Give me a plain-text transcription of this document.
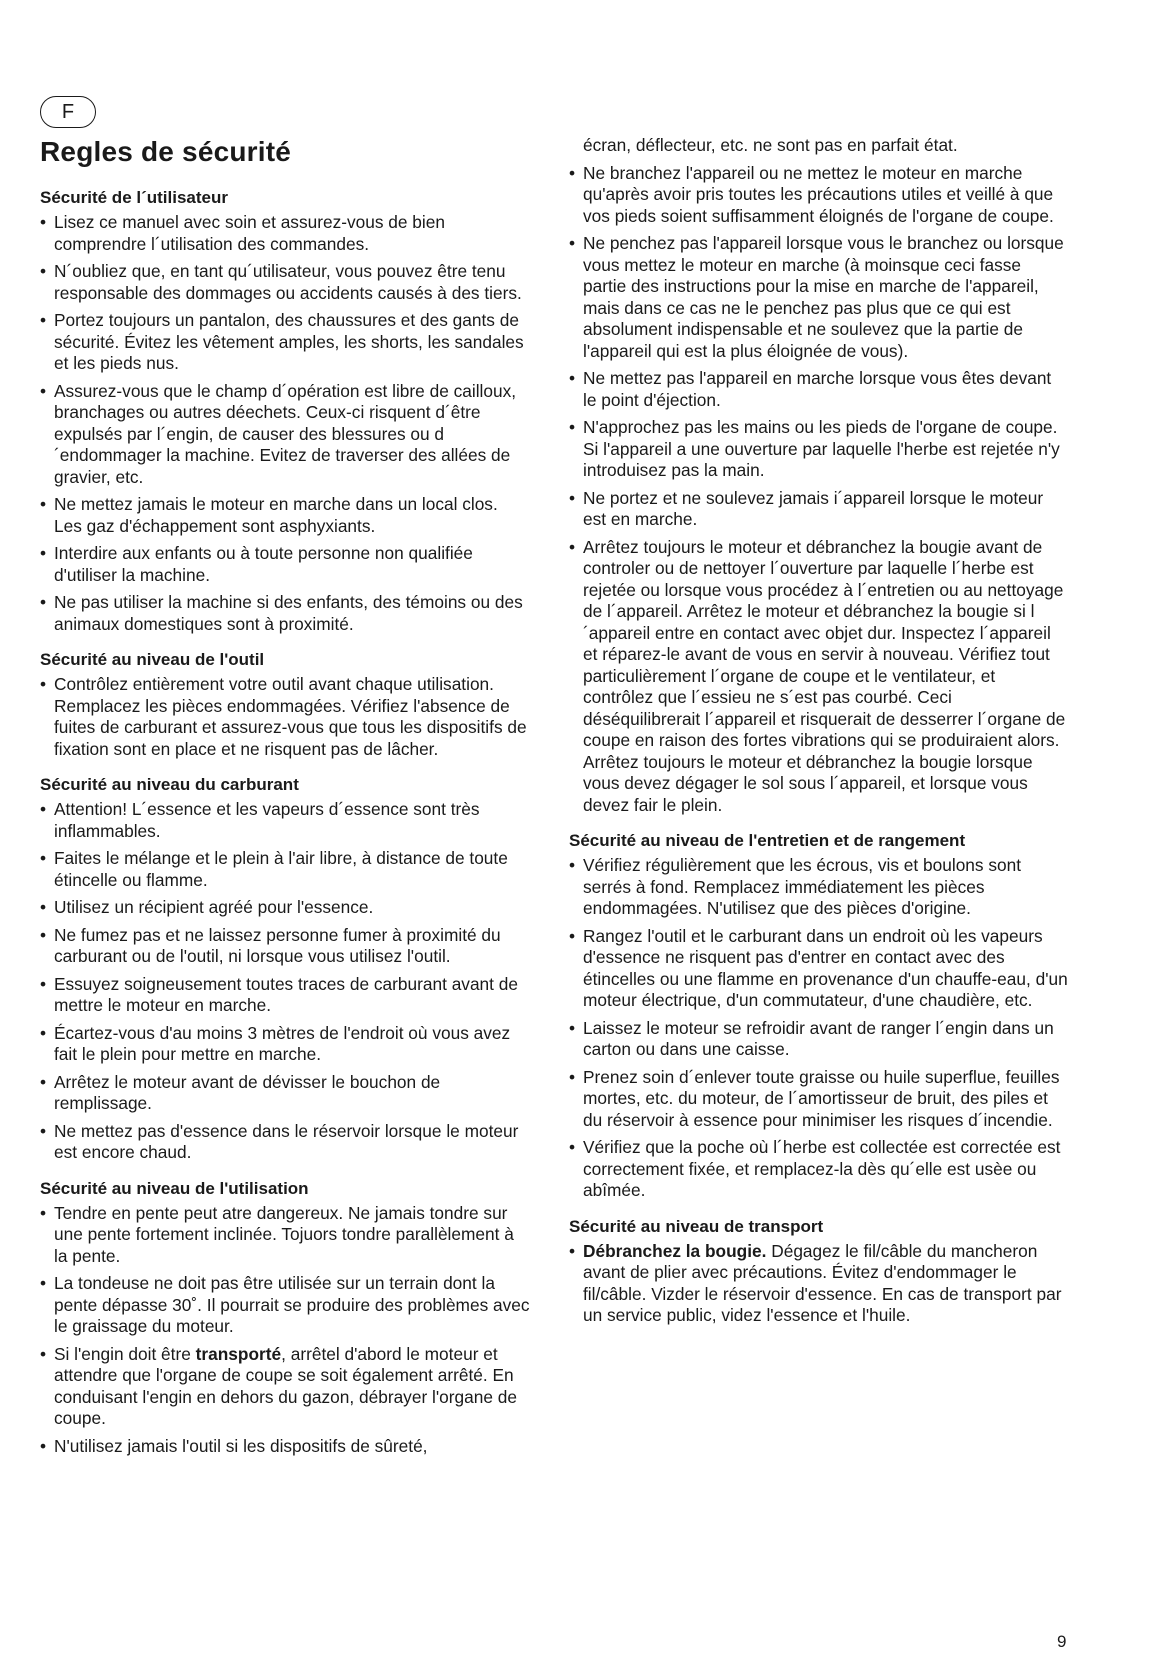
F
Regles de sécurité
Sécurité de l´utilisateur
• Lisez ce manuel avec soin et assurez-vous de bien comprendre l´utilisation des commandes.
• N´oubliez que, en tant qu´utilisateur, vous pouvez être tenu responsable des dommages ou accidents causés à des tiers.
• Portez toujours un pantalon, des chaussures et des gants de sécurité. Évitez les vêtement amples, les shorts, les sandales et les pieds nus.
• Assurez-vous que le champ d´opération est libre de cailloux, branchages ou autres déechets. Ceux-ci risquent d´être expulsés par l´engin, de causer des blessures ou d´endommager la machine. Evitez de traverser des allées de gravier, etc.
• Ne mettez jamais le moteur en marche dans un local clos. Les gaz d'échappement sont asphyxiants.
• Interdire aux enfants ou à toute personne non qualifiée d'utiliser la machine.
• Ne pas utiliser la machine si des enfants, des témoins ou des animaux domestiques sont à proximité.
Sécurité au niveau de l'outil
• Contrôlez entièrement votre outil avant chaque utilisation. Remplacez les pièces endommagées. Vérifiez l'absence de fuites de carburant et assurez-vous que tous les dispositifs de fixation sont en place et ne risquent pas de lâcher.
Sécurité au niveau du carburant
• Attention! L´essence et les vapeurs d´essence sont très inflammables.
• Faites le mélange et le plein à l'air libre, à distance de toute étincelle ou flamme.
• Utilisez un récipient agréé pour l'essence.
• Ne fumez pas et ne laissez personne fumer à proximité du carburant ou de l'outil, ni lorsque vous utilisez l'outil.
• Essuyez soigneusement toutes traces de carburant avant de mettre le moteur en marche.
• Écartez-vous d'au moins 3 mètres de l'endroit où vous avez fait le plein pour mettre en marche.
• Arrêtez le moteur avant de dévisser le bouchon de remplissage.
• Ne mettez pas d'essence dans le réservoir lorsque le moteur est encore chaud.
Sécurité au niveau de l'utilisation
• Tendre en pente peut atre dangereux. Ne jamais tondre sur une pente fortement inclinée. Tojuors tondre parallèlement à la pente.
• La tondeuse ne doit pas être utilisée sur un terrain dont la pente dépasse 30˚. Il pourrait se produire des problèmes avec le graissage du moteur.
• Si l'engin doit être transporté, arrêtel d'abord le moteur et attendre que l'organe de coupe se soit également arrêté. En conduisant l'engin en dehors du gazon, débrayer l'organe de coupe.
• N'utilisez jamais l'outil si les dispositifs de sûreté,

écran, déflecteur, etc. ne sont pas en parfait état.

• Ne branchez l'appareil ou ne mettez le moteur en marche qu'après avoir pris toutes les précautions utiles et veillé à que vos pieds soient suffisamment éloignés de l'organe de coupe.
• Ne penchez pas l'appareil lorsque vous le branchez ou lorsque vous mettez le moteur en marche (à moinsque ceci fasse partie des instructions pour la mise en marche de l'appareil, mais dans ce cas ne le penchez pas plus que ce qui est absolument indispensable et ne soulevez que la partie de l'appareil qui est la plus éloignée de vous).
• Ne mettez pas l'appareil en marche lorsque vous êtes devant le point d'éjection.
• N'approchez pas les mains ou les pieds de l'organe de coupe. Si l'appareil a une ouverture par laquelle l'herbe est rejetée n'y introduisez pas la main.
• Ne portez et ne soulevez jamais i´appareil lorsque le moteur est en marche.
• Arrêtez toujours le moteur et débranchez la bougie avant de controler ou de nettoyer l´ouverture par laquelle l´herbe est rejetée ou lorsque vous procédez à l´entretien ou au nettoyage de l´appareil. Arrêtez le moteur et débranchez la bougie si l´appareil entre en contact avec objet dur. Inspectez l´appareil et réparez-le avant de vous en servir à nouveau. Vérifiez tout particulièrement l´organe de coupe et le ventilateur, et contrôlez que l´essieu ne s´est pas courbé. Ceci déséquilibrerait l´appareil et risquerait de desserrer l´organe de coupe en raison des fortes vibrations qui se produiraient alors. Arrêtez toujours le moteur et débranchez la bougie lorsque vous devez dégager le sol sous l´appareil, et lorsque vous devez fair le plein.
Sécurité au niveau de l'entretien et de rangement
• Vérifiez régulièrement que les écrous, vis et boulons sont serrés à fond. Remplacez immédiatement les pièces endommagées. N'utilisez que des pièces d'origine.
• Rangez l'outil et le carburant dans un endroit où les vapeurs d'essence ne risquent pas d'entrer en contact avec des étincelles ou une flamme en provenance d'un chauffe-eau, d'un moteur électrique, d'un commutateur, d'une chaudière, etc.
• Laissez le moteur se refroidir avant de ranger l´engin dans un carton ou dans une caisse.
• Prenez soin d´enlever toute graisse ou huile superflue, feuilles mortes, etc. du moteur, de l´amortisseur de bruit, des piles et du réservoir à essence pour minimiser les risques d´incendie.
• Vérifiez que la poche où l´herbe est collectée est correctée est correctement fixée, et remplacez-la dès qu´elle est usèe ou abîmée.
Sécurité au niveau de transport
• Débranchez la bougie. Dégagez le fil/câble du mancheron avant de plier avec précautions. Évitez d'endommager le fil/câble. Vizder le réservoir d'essence. En cas de transport par un service public, videz l'essence et l'huile.
9
